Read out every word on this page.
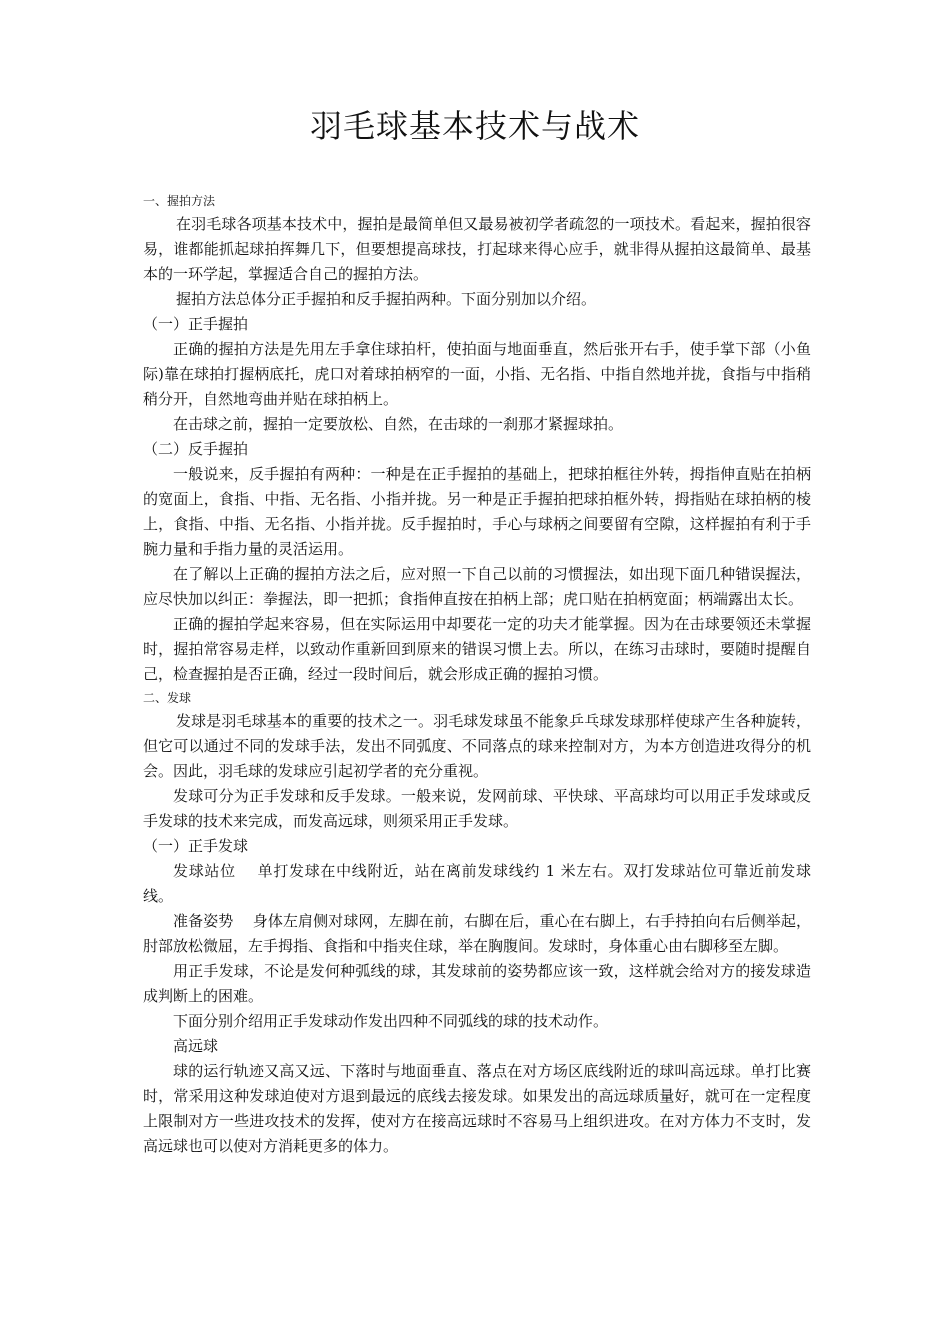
羽毛球基本技术与战术

一、握拍方法

在羽毛球各项基本技术中，握拍是最简单但又最易被初学者疏忽的一项技术。看起来，握拍很容易，谁都能抓起球拍挥舞几下，但要想提高球技，打起球来得心应手，就非得从握拍这最简单、最基本的一环学起，掌握适合自己的握拍方法。

握拍方法总体分正手握拍和反手握拍两种。下面分别加以介绍。

（一）正手握拍

正确的握拍方法是先用左手拿住球拍杆，使拍面与地面垂直，然后张开右手，使手掌下部（小鱼际)靠在球拍打握柄底托，虎口对着球拍柄窄的一面，小指、无名指、中指自然地并拢，食指与中指稍稍分开，自然地弯曲并贴在球拍柄上。

在击球之前，握拍一定要放松、自然，在击球的一刹那才紧握球拍。

（二）反手握拍

一般说来，反手握拍有两种：一种是在正手握拍的基础上，把球拍框往外转，拇指伸直贴在拍柄的宽面上，食指、中指、无名指、小指并拢。另一种是正手握拍把球拍框外转，拇指贴在球拍柄的棱上，食指、中指、无名指、小指并拢。反手握拍时，手心与球柄之间要留有空隙，这样握拍有利于手腕力量和手指力量的灵活运用。

在了解以上正确的握拍方法之后，应对照一下自己以前的习惯握法，如出现下面几种错误握法，应尽快加以纠正：拳握法，即一把抓；食指伸直按在拍柄上部；虎口贴在拍柄宽面；柄端露出太长。

正确的握拍学起来容易，但在实际运用中却要花一定的功夫才能掌握。因为在击球要领还未掌握时，握拍常容易走样，以致动作重新回到原来的错误习惯上去。所以，在练习击球时，要随时提醒自己，检查握拍是否正确，经过一段时间后，就会形成正确的握拍习惯。

二、发球

发球是羽毛球基本的重要的技术之一。羽毛球发球虽不能象乒乓球发球那样使球产生各种旋转，但它可以通过不同的发球手法，发出不同弧度、不同落点的球来控制对方，为本方创造进攻得分的机会。因此，羽毛球的发球应引起初学者的充分重视。

发球可分为正手发球和反手发球。一般来说，发网前球、平快球、平高球均可以用正手发球或反手发球的技术来完成，而发高远球，则须采用正手发球。

（一）正手发球

发球站位 单打发球在中线附近，站在离前发球线约 1 米左右。双打发球站位可靠近前发球线。

准备姿势 身体左肩侧对球网，左脚在前，右脚在后，重心在右脚上，右手持拍向右后侧举起，肘部放松微屈，左手拇指、食指和中指夹住球，举在胸腹间。发球时，身体重心由右脚移至左脚。

用正手发球，不论是发何种弧线的球，其发球前的姿势都应该一致，这样就会给对方的接发球造成判断上的困难。

下面分别介绍用正手发球动作发出四种不同弧线的球的技术动作。

高远球

球的运行轨迹又高又远、下落时与地面垂直、落点在对方场区底线附近的球叫高远球。单打比赛时，常采用这种发球迫使对方退到最远的底线去接发球。如果发出的高远球质量好，就可在一定程度上限制对方一些进攻技术的发挥，使对方在接高远球时不容易马上组织进攻。在对方体力不支时，发高远球也可以使对方消耗更多的体力。
